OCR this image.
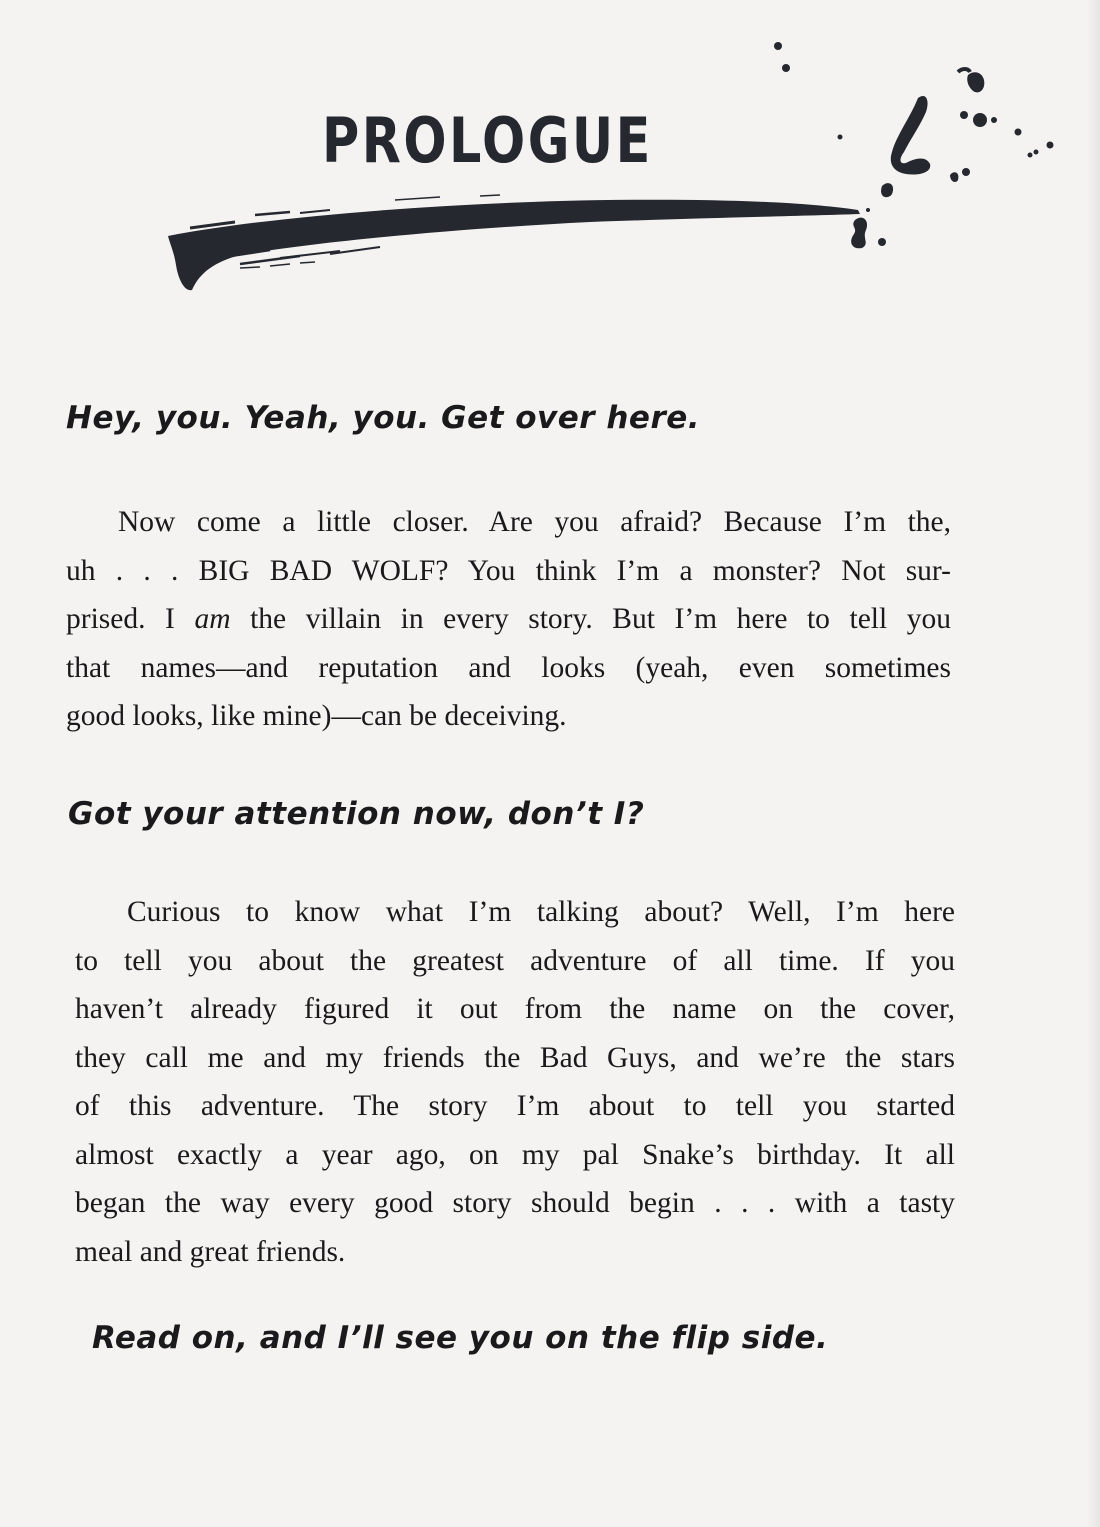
PROLOGUE
Hey, you. Yeah, you. Get over here.
Now come a little closer. Are you afraid? Because I’m the,
uh . . . BIG BAD WOLF? You think I’m a monster? Not sur-
prised. I am the villain in every story. But I’m here to tell you
that names—and reputation and looks (yeah, even sometimes
good looks, like mine)—can be deceiving.
Got your attention now, don’t I?
Curious to know what I’m talking about? Well, I’m here
to tell you about the greatest adventure of all time. If you
haven’t already figured it out from the name on the cover,
they call me and my friends the Bad Guys, and we’re the stars
of this adventure. The story I’m about to tell you started
almost exactly a year ago, on my pal Snake’s birthday. It all
began the way every good story should begin . . . with a tasty
meal and great friends.
Read on, and I’ll see you on the flip side.
